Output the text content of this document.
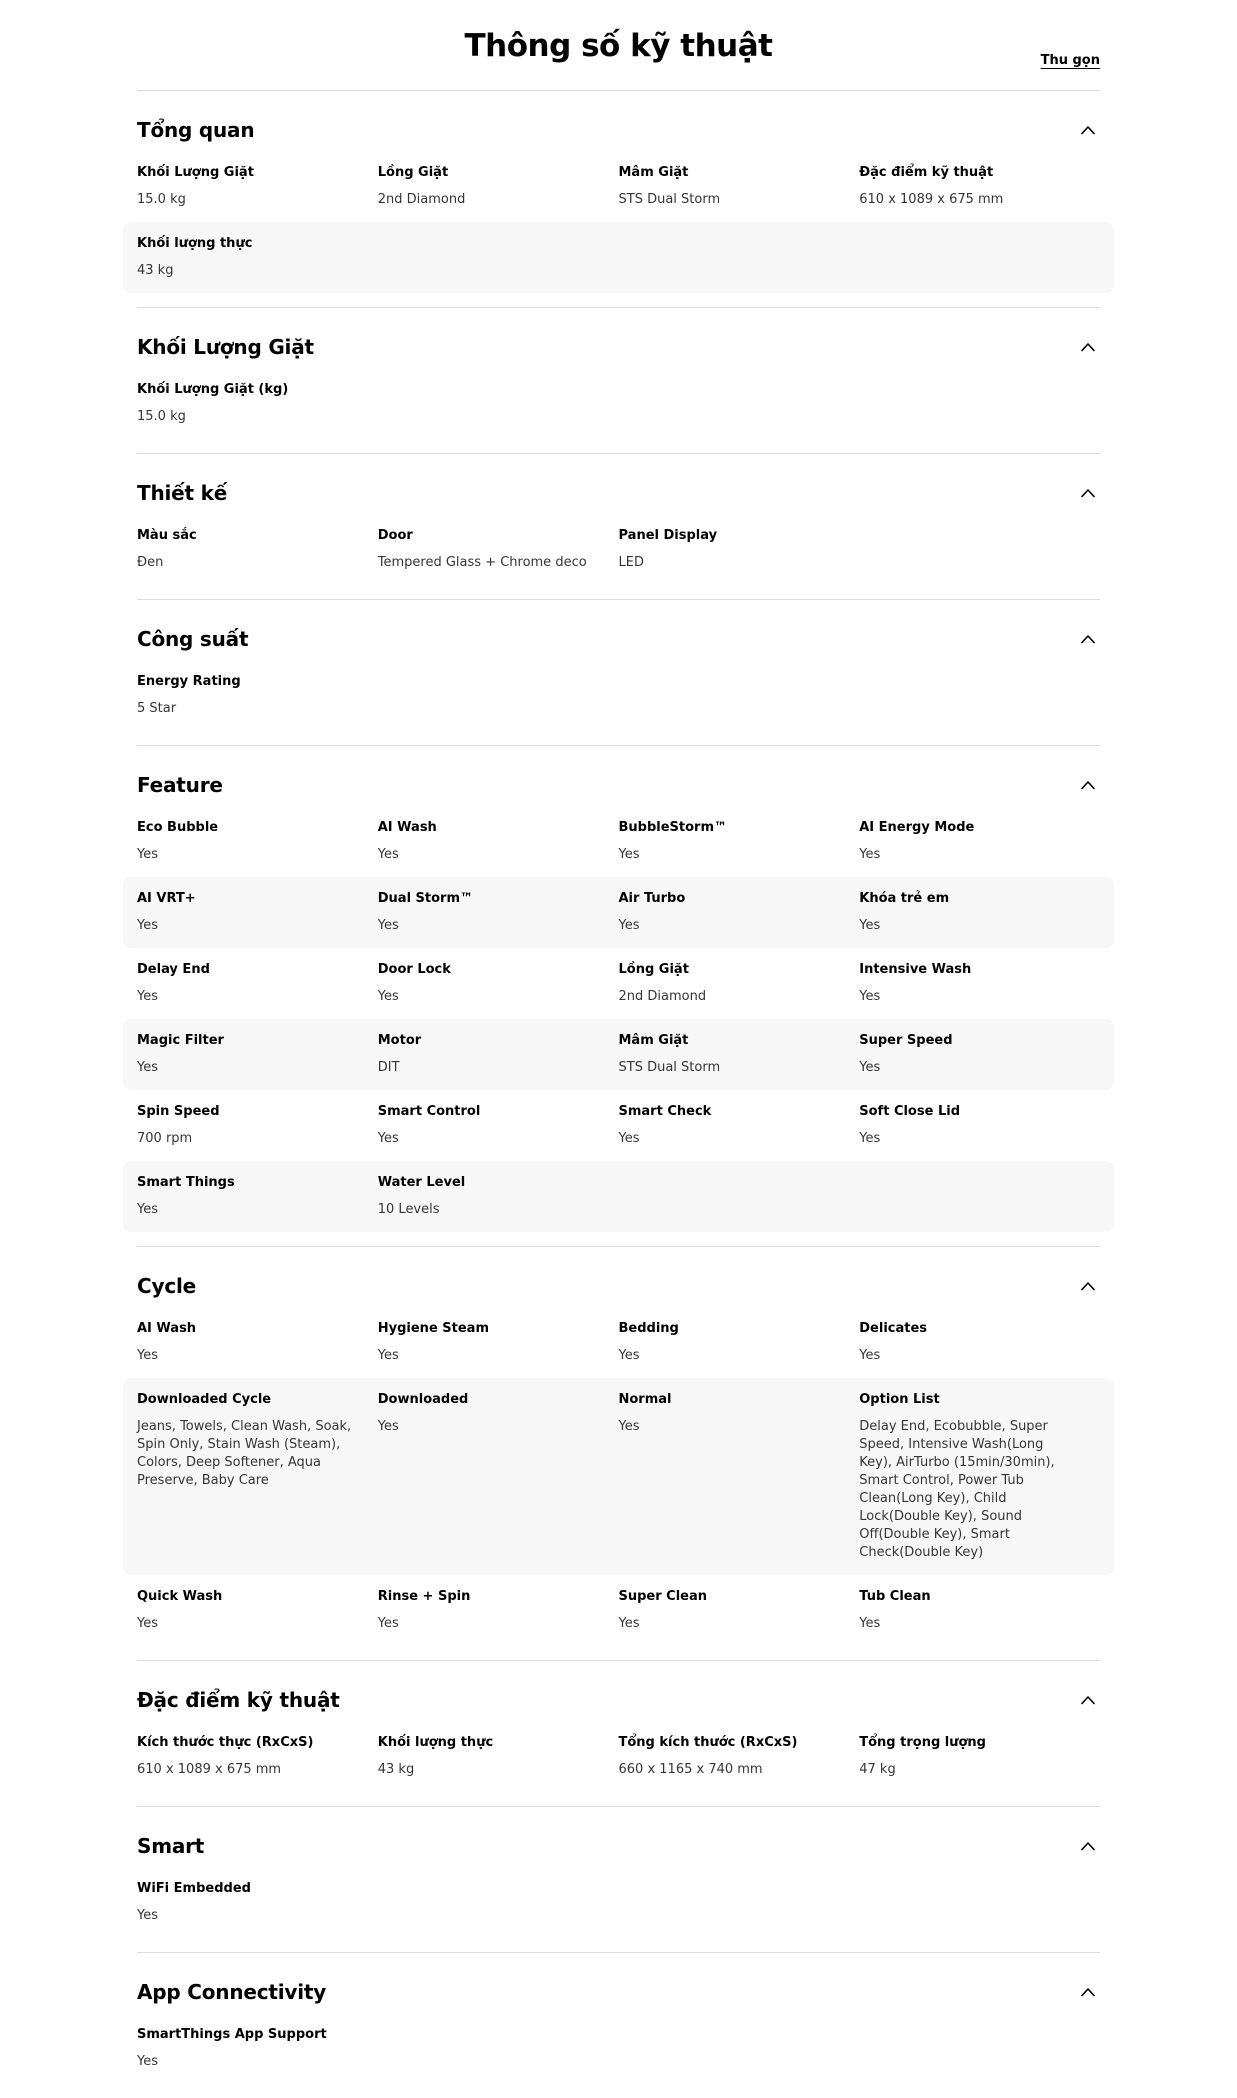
Thông số kỹ thuật	Thu gọn
Tổng quan
Khối Lượng Giặt
15.0 kg
Lồng Giặt
2nd Diamond
Mâm Giặt
STS Dual Storm
Đặc điểm kỹ thuật
610 x 1089 x 675 mm
Khối lượng thực
43 kg
Khối Lượng Giặt
Khối Lượng Giặt (kg)
15.0 kg
Thiết kế
Màu sắc
Đen
Door
Tempered Glass + Chrome deco
Panel Display
LED
Công suất
Energy Rating
5 Star
Feature
Eco Bubble
Yes
AI Wash
Yes
BubbleStorm™
Yes
AI Energy Mode
Yes
AI VRT+
Yes
Dual Storm™
Yes
Air Turbo
Yes
Khóa trẻ em
Yes
Delay End
Yes
Door Lock
Yes
Lồng Giặt
2nd Diamond
Intensive Wash
Yes
Magic Filter
Yes
Motor
DIT
Mâm Giặt
STS Dual Storm
Super Speed
Yes
Spin Speed
700 rpm
Smart Control
Yes
Smart Check
Yes
Soft Close Lid
Yes
Smart Things
Yes
Water Level
10 Levels
Cycle
AI Wash
Yes
Hygiene Steam
Yes
Bedding
Yes
Delicates
Yes
Downloaded Cycle
Jeans, Towels, Clean Wash, Soak, Spin Only, Stain Wash (Steam), Colors, Deep Softener, Aqua Preserve, Baby Care
Downloaded
Yes
Normal
Yes
Option List
Delay End, Ecobubble, Super Speed, Intensive Wash(Long Key), AirTurbo (15min/30min), Smart Control, Power Tub Clean(Long Key), Child Lock(Double Key), Sound Off(Double Key), Smart Check(Double Key)
Quick Wash
Yes
Rinse + Spin
Yes
Super Clean
Yes
Tub Clean
Yes
Đặc điểm kỹ thuật
Kích thước thực (RxCxS)
610 x 1089 x 675 mm
Khối lượng thực
43 kg
Tổng kích thước (RxCxS)
660 x 1165 x 740 mm
Tổng trọng lượng
47 kg
Smart
WiFi Embedded
Yes
App Connectivity
SmartThings App Support
Yes
